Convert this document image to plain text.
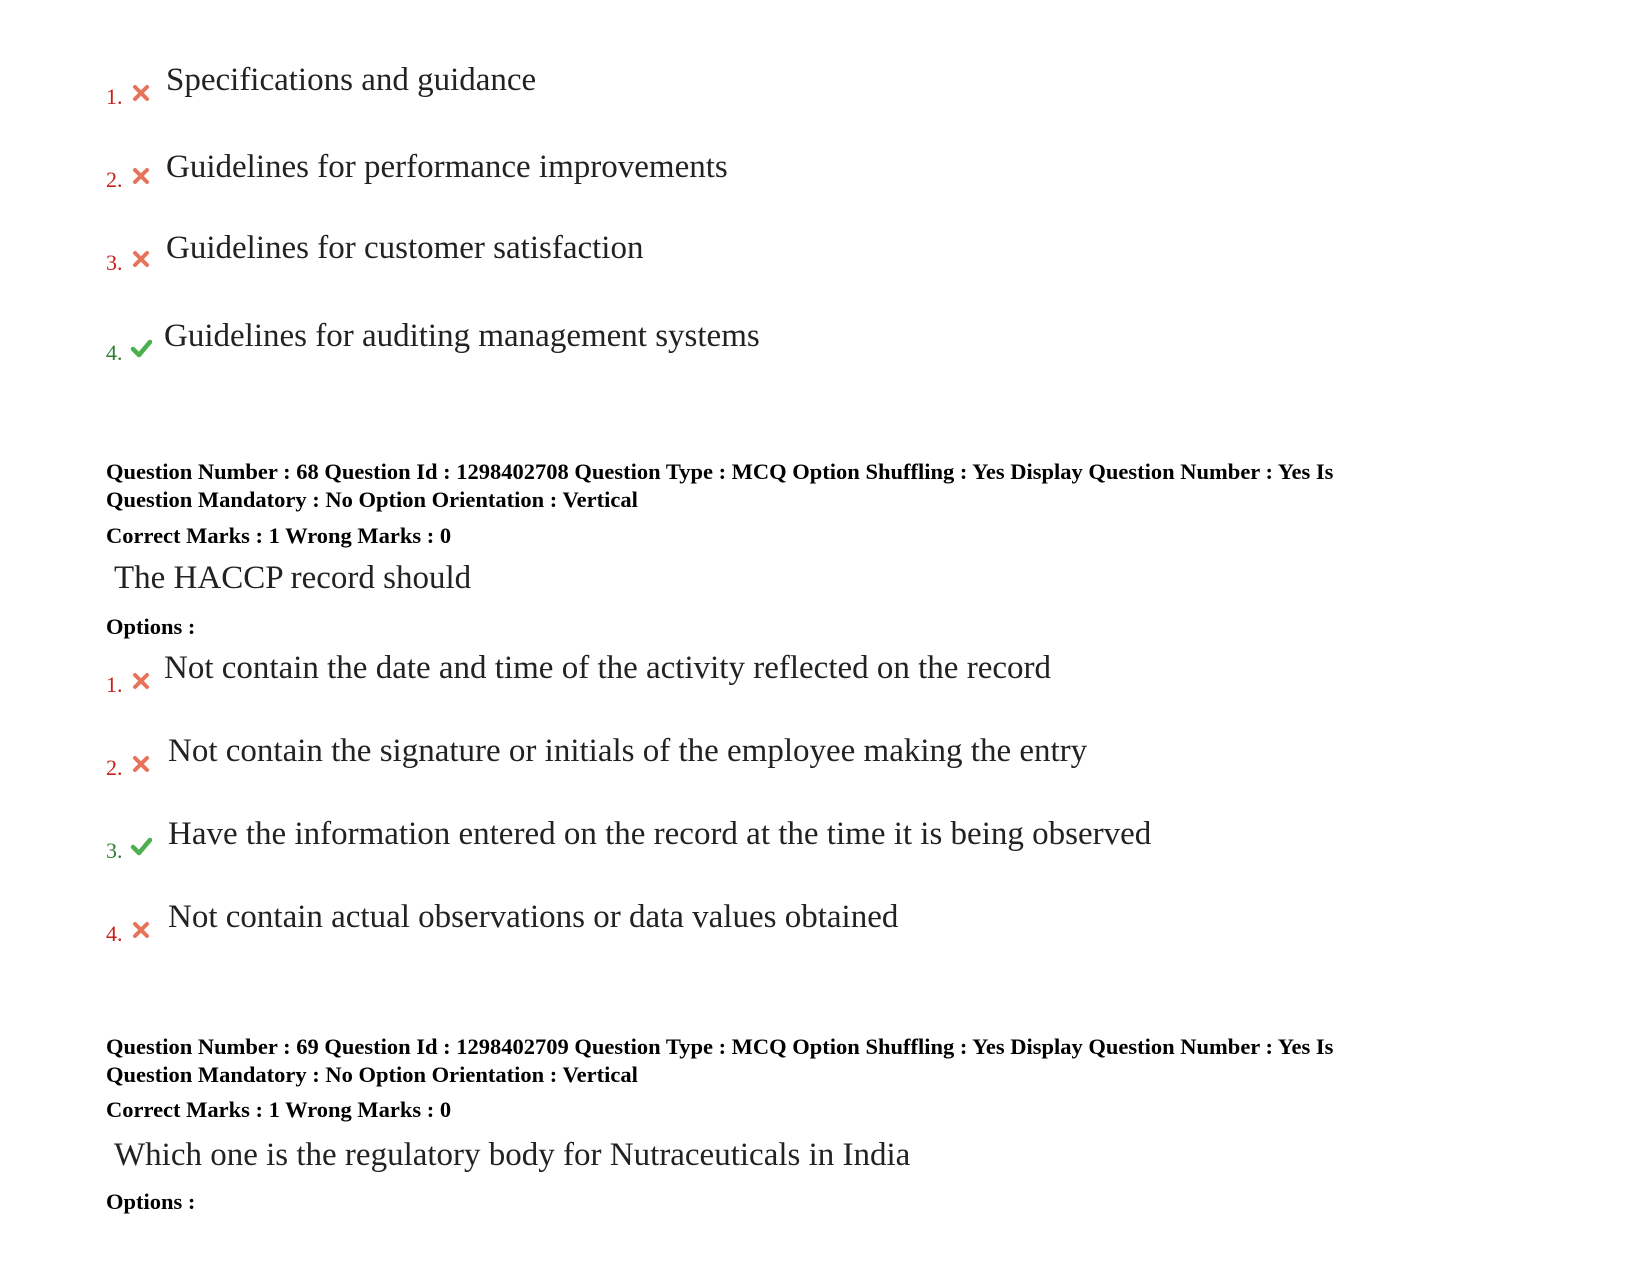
1. Specifications and guidance
2. Guidelines for performance improvements
3. Guidelines for customer satisfaction
4. Guidelines for auditing management systems
Question Number : 68 Question Id : 1298402708 Question Type : MCQ Option Shuffling : Yes Display Question Number : Yes Is
Question Mandatory : No Option Orientation : Vertical
Correct Marks : 1 Wrong Marks : 0
The HACCP record should
Options :
1. Not contain the date and time of the activity reflected on the record
2. Not contain the signature or initials of the employee making the entry
3. Have the information entered on the record at the time it is being observed
4. Not contain actual observations or data values obtained
Question Number : 69 Question Id : 1298402709 Question Type : MCQ Option Shuffling : Yes Display Question Number : Yes Is
Question Mandatory : No Option Orientation : Vertical
Correct Marks : 1 Wrong Marks : 0
Which one is the regulatory body for Nutraceuticals in India
Options :
